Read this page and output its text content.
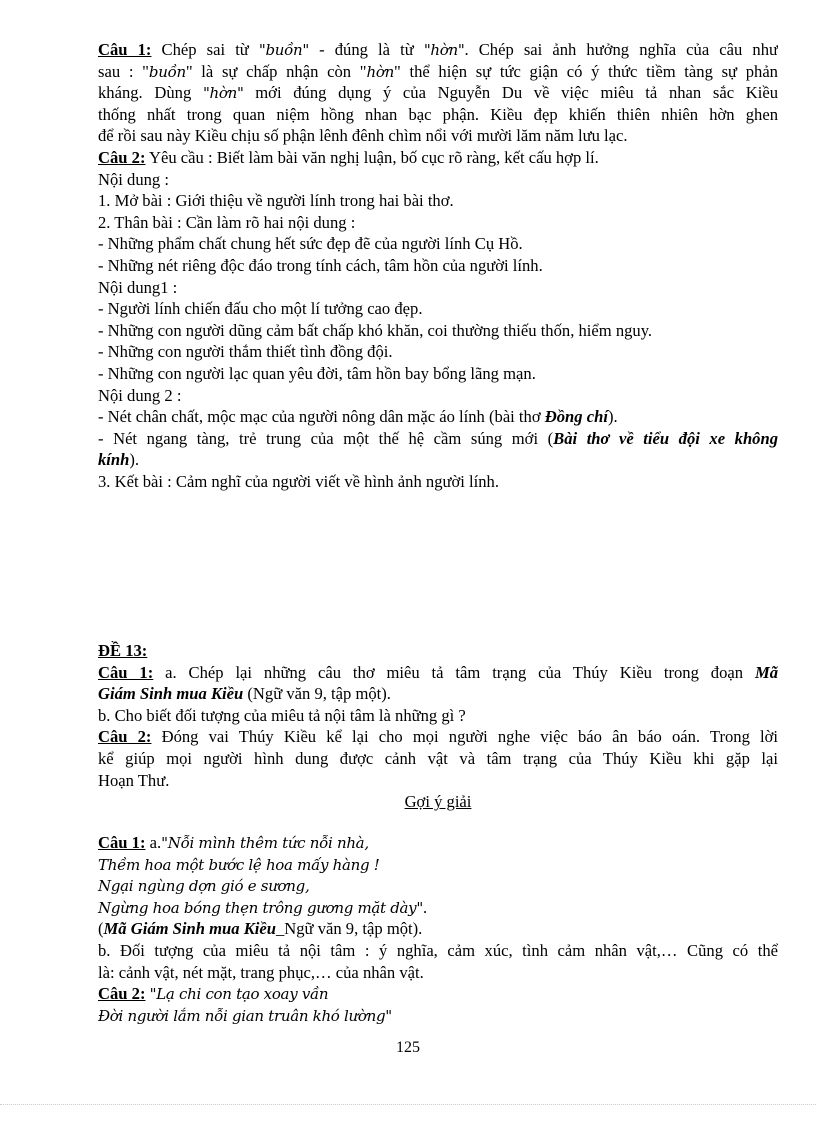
Câu 1: Chép sai từ "buồn" - đúng là từ "hờn". Chép sai ảnh hưởng nghĩa của câu như
sau : "buồn" là sự chấp nhận còn "hờn" thể hiện sự tức giận có ý thức tiềm tàng sự phản
kháng. Dùng "hờn" mới đúng dụng ý của Nguyễn Du về việc miêu tả nhan sắc Kiều
thống nhất trong quan niệm hồng nhan bạc phận. Kiều đẹp khiến thiên nhiên hờn ghen
để rồi sau này Kiều chịu số phận lênh đênh chìm nổi với mười lăm năm lưu lạc.
Câu 2: Yêu cầu : Biết làm bài văn nghị luận, bố cục rõ ràng, kết cấu hợp lí.
Nội dung :
1. Mở bài : Giới thiệu về người lính trong hai bài thơ.
2. Thân bài : Cần làm rõ hai nội dung :
- Những phẩm chất chung hết sức đẹp đẽ của người lính Cụ Hồ.
- Những nét riêng độc đáo trong tính cách, tâm hồn của người lính.
Nội dung1 :
- Người lính chiến đấu cho một lí tưởng cao đẹp.
- Những con người dũng cảm bất chấp khó khăn, coi thường thiếu thốn, hiểm nguy.
- Những con người thắm thiết tình đồng đội.
- Những con người lạc quan yêu đời, tâm hồn bay bổng lãng mạn.
Nội dung 2 :
- Nét chân chất, mộc mạc của người nông dân mặc áo lính (bài thơ Đồng chí).
- Nét ngang tàng, trẻ trung của một thế hệ cầm súng mới (Bài thơ về tiểu đội xe không
kính).
3. Kết bài : Cảm nghĩ của người viết về hình ảnh người lính.
ĐỀ 13:
Câu 1: a. Chép lại những câu thơ miêu tả tâm trạng của Thúy Kiều trong đoạn Mã
Giám Sinh mua Kiều (Ngữ văn 9, tập một).
b. Cho biết đối tượng của miêu tả nội tâm là những gì ?
Câu 2: Đóng vai Thúy Kiều kể lại cho mọi người nghe việc báo ân báo oán. Trong lời
kể giúp mọi người hình dung được cảnh vật và tâm trạng của Thúy Kiều khi gặp lại
Hoạn Thư.
Gợi ý giải
Câu 1: a."Nỗi mình thêm tức nỗi nhà,
Thềm hoa một bước lệ hoa mấy hàng !
Ngại ngùng dợn gió e sương,
Ngừng hoa bóng thẹn trông gương mặt dày".
(Mã Giám Sinh mua Kiều_Ngữ văn 9, tập một).
b. Đối tượng của miêu tả nội tâm : ý nghĩa, cảm xúc, tình cảm nhân vật,… Cũng có thể
là: cảnh vật, nét mặt, trang phục,… của nhân vật.
Câu 2: "Lạ chi con tạo xoay vần
Đời người lắm nỗi gian truân khó lường"
125
